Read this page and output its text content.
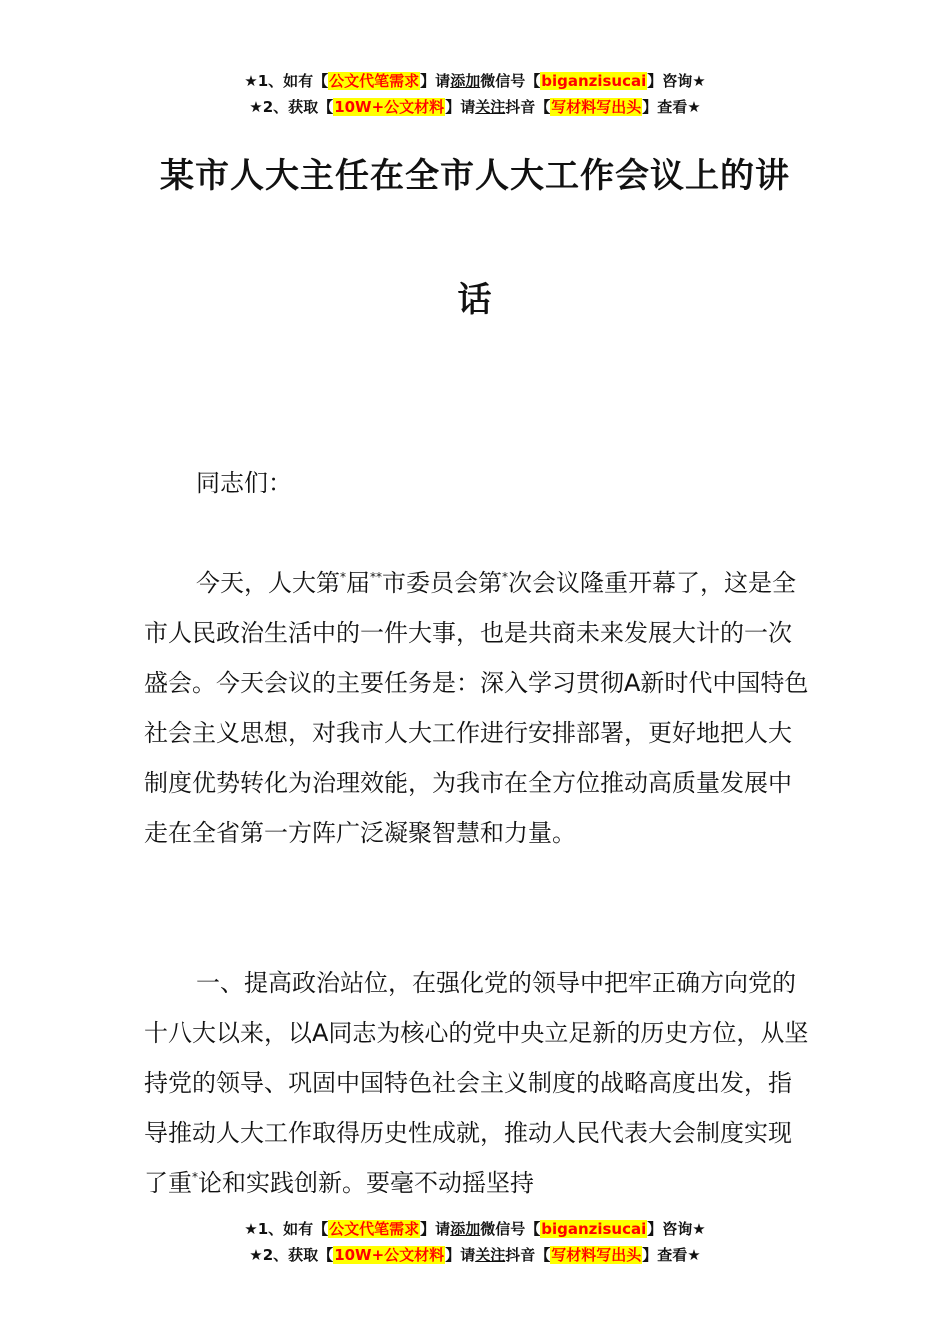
★1、如有【公文代笔需求】请添加微信号【biganzisucai】咨询★
★2、获取【10W+公文材料】请关注抖音【写材料写出头】查看★
某市人大主任在全市人大工作会议上的讲
话

同志们：

今天，人大第*届**市委员会第*次会议隆重开幕了，这是全市人民政治生活中的一件大事，也是共商未来发展大计的一次盛会。今天会议的主要任务是：深入学习贯彻A新时代中国特色社会主义思想，对我市人大工作进行安排部署，更好地把人大制度优势转化为治理效能，为我市在全方位推动高质量发展中走在全省第一方阵广泛凝聚智慧和力量。

一、提高政治站位，在强化党的领导中把牢正确方向党的十八大以来，以A同志为核心的党中央立足新的历史方位，从坚持党的领导、巩固中国特色社会主义制度的战略高度出发，指导推动人大工作取得历史性成就，推动人民代表大会制度实现了重*论和实践创新。要毫不动摇坚持

★1、如有【公文代笔需求】请添加微信号【biganzisucai】咨询★
★2、获取【10W+公文材料】请关注抖音【写材料写出头】查看★
